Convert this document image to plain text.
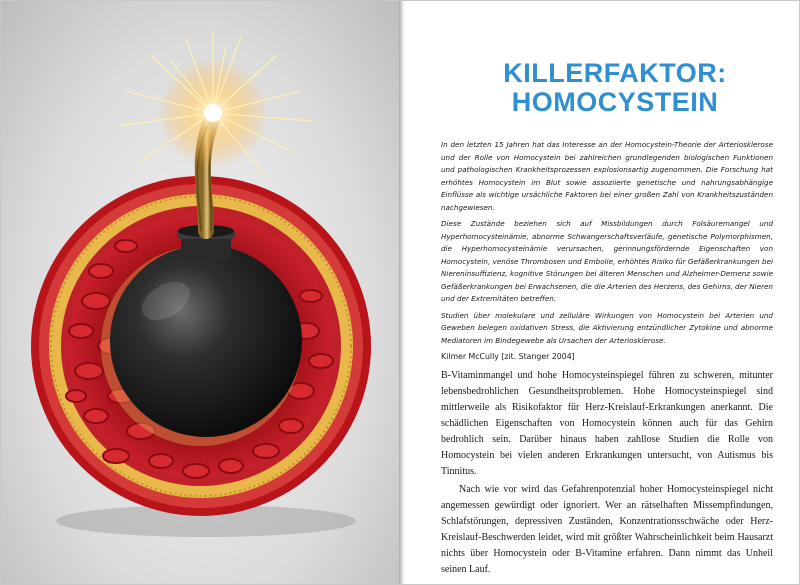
KILLERFAKTOR:
HOMOCYSTEIN

In den letzten 15 Jahren hat das Interesse an der Homocystein-Theorie der Arteriosklerose und der Rolle von Homocystein bei zahlreichen grundlegenden biologischen Funktionen und pathologischen Krankheitsprozessen explosionsartig zugenommen. Die Forschung hat erhöhtes Homocystein im Blut sowie assoziierte genetische und nahrungsabhängige Einflüsse als wichtige ursächliche Faktoren bei einer großen Zahl von Krankheitszuständen nachgewiesen.

Diese Zustände beziehen sich auf Missbildungen durch Folsäuremangel und Hyperhomocysteinämie, abnorme Schwangerschaftsverläufe, genetische Polymorphismen, die Hyperhomocysteinämie verursachen, gerinnungsfördernde Eigenschaften von Homocystein, venöse Thrombosen und Embolie, erhöhtes Risiko für Gefäßerkrankungen bei Niereninsuffizienz, kognitive Störungen bei älteren Menschen und Alzheimer-Demenz sowie Gefäßerkrankungen bei Erwachsenen, die die Arterien des Herzens, des Gehirns, der Nieren und der Extremitäten betreffen.

Studien über molekulare und zelluläre Wirkungen von Homocystein bei Arterien und Geweben belegen oxidativen Stress, die Aktivierung entzündlicher Zytokine und abnorme Mediatoren im Bindegewebe als Ursachen der Arteriosklerose.

Kilmer McCully [zit. Stanger 2004]

B-Vitaminmangel und hohe Homocysteinspiegel führen zu schweren, mitunter lebensbedrohlichen Gesundheitsproblemen. Hohe Homocysteinspiegel sind mittlerweile als Risikofaktor für Herz-Kreislauf-Erkrankungen anerkannt. Die schädlichen Eigenschaften von Homocystein können auch für das Gehirn bedrohlich sein. Darüber hinaus haben zahllose Studien die Rolle von Homocystein bei vielen anderen Erkrankungen untersucht, von Autismus bis Tinnitus.

Nach wie vor wird das Gefahrenpotenzial hoher Homocysteinspiegel nicht angemessen gewürdigt oder ignoriert. Wer an rätselhaften Missempfindungen, Schlafstörungen, depressiven Zuständen, Konzentrationsschwäche oder Herz-Kreislauf-Beschwerden leidet, wird mit größter Wahrscheinlichkeit beim Hausarzt nichts über Homocystein oder B-Vitamine erfahren. Dann nimmt das Unheil seinen Lauf.
